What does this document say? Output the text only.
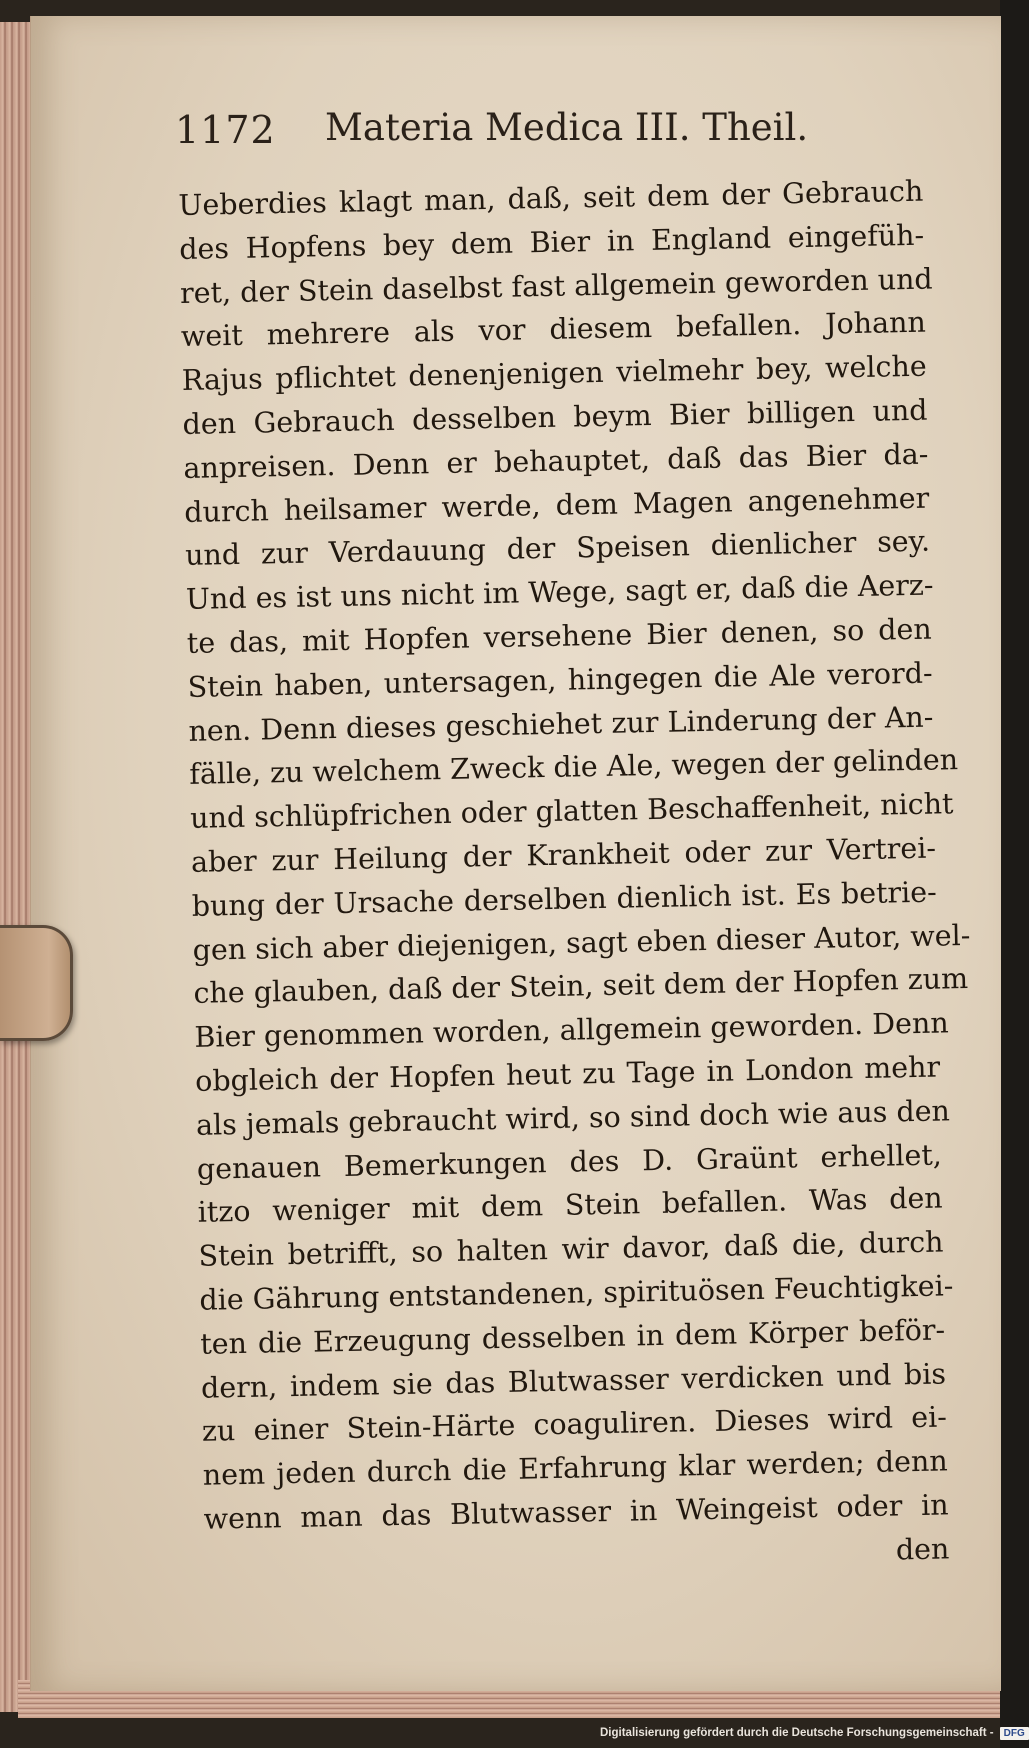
1172 Materia Medica III. Theil.
Ueberdies klagt man, daß, seit dem der Gebrauch
des Hopfens bey dem Bier in England eingefüh-
ret, der Stein daselbst fast allgemein geworden und
weit mehrere als vor diesem befallen. Johann
Rajus pflichtet denenjenigen vielmehr bey, welche
den Gebrauch desselben beym Bier billigen und
anpreisen. Denn er behauptet, daß das Bier da-
durch heilsamer werde, dem Magen angenehmer
und zur Verdauung der Speisen dienlicher sey.
Und es ist uns nicht im Wege, sagt er, daß die Aerz-
te das, mit Hopfen versehene Bier denen, so den
Stein haben, untersagen, hingegen die Ale verord-
nen. Denn dieses geschiehet zur Linderung der An-
fälle, zu welchem Zweck die Ale, wegen der gelinden
und schlüpfrichen oder glatten Beschaffenheit, nicht
aber zur Heilung der Krankheit oder zur Vertrei-
bung der Ursache derselben dienlich ist. Es betrie-
gen sich aber diejenigen, sagt eben dieser Autor, wel-
che glauben, daß der Stein, seit dem der Hopfen zum
Bier genommen worden, allgemein geworden. Denn
obgleich der Hopfen heut zu Tage in London mehr
als jemals gebraucht wird, so sind doch wie aus den
genauen Bemerkungen des D. Graünt erhellet,
itzo weniger mit dem Stein befallen. Was den
Stein betrifft, so halten wir davor, daß die, durch
die Gährung entstandenen, spirituösen Feuchtigkei-
ten die Erzeugung desselben in dem Körper beför-
dern, indem sie das Blutwasser verdicken und bis
zu einer Stein-Härte coaguliren. Dieses wird ei-
nem jeden durch die Erfahrung klar werden; denn
wenn man das Blutwasser in Weingeist oder in
den
Digitalisierung gefördert durch die Deutsche Forschungsgemeinschaft -	DFG
